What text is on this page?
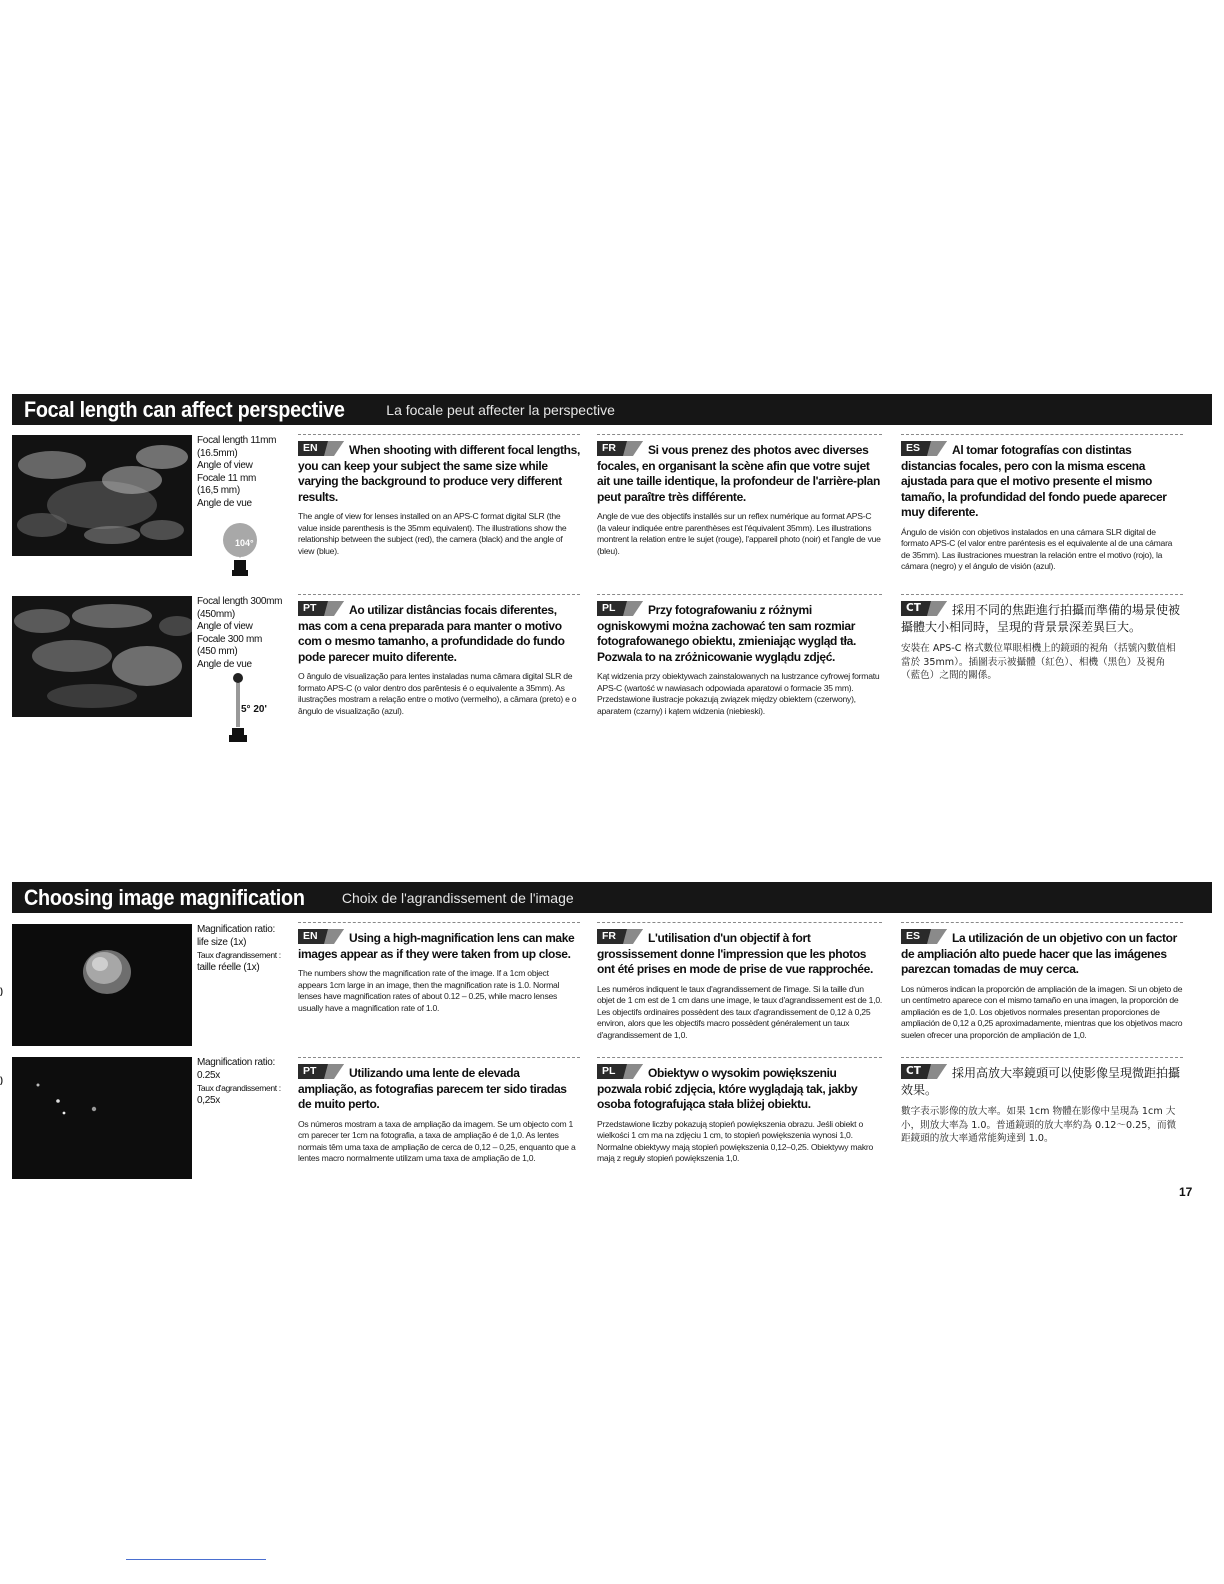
Focal length can affect perspective	La focale peut affecter la perspective
Focal length 11mm
(16.5mm)
Angle of view
Focale 11 mm
(16,5 mm)
Angle de vue
104°
Focal length 300mm
(450mm)
Angle of view
Focale 300 mm
(450 mm)
Angle de vue
5° 20'
EN	When shooting with different focal lengths, you can keep your subject the same size while varying the background to produce very different results.
The angle of view for lenses installed on an APS-C format digital SLR (the value inside parenthesis is the 35mm equivalent). The illustrations show the relationship between the subject (red), the camera (black) and the angle of view (blue).
FR	Si vous prenez des photos avec diverses focales, en organisant la scène afin que votre sujet ait une taille identique, la profondeur de l'arrière-plan peut paraître très différente.
Angle de vue des objectifs installés sur un reflex numérique au format APS-C (la valeur indiquée entre parenthèses est l'équivalent 35mm). Les illustrations montrent la relation entre le sujet (rouge), l'appareil photo (noir) et l'angle de vue (bleu).
ES	Al tomar fotografías con distintas distancias focales, pero con la misma escena ajustada para que el motivo presente el mismo tamaño, la profundidad del fondo puede aparecer muy diferente.
Ángulo de visión con objetivos instalados en una cámara SLR digital de formato APS-C (el valor entre paréntesis es el equivalente al de una cámara de 35mm). Las ilustraciones muestran la relación entre el motivo (rojo), la cámara (negro) y el ángulo de visión (azul).
PT	Ao utilizar distâncias focais diferentes, mas com a cena preparada para manter o motivo com o mesmo tamanho, a profundidade do fundo pode parecer muito diferente.
O ângulo de visualização para lentes instaladas numa câmara digital SLR de formato APS-C (o valor dentro dos parêntesis é o equivalente a 35mm). As ilustrações mostram a relação entre o motivo (vermelho), a câmara (preto) e o ângulo de visualização (azul).
PL	Przy fotografowaniu z różnymi ogniskowymi można zachować ten sam rozmiar fotografowanego obiektu, zmieniając wygląd tła. Pozwala to na zróżnicowanie wyglądu zdjęć.
Kąt widzenia przy obiektywach zainstalowanych na lustrzance cyfrowej formatu APS-C (wartość w nawiasach odpowiada aparatowi o formacie 35 mm). Przedstawione ilustracje pokazują związek między obiektem (czerwony), aparatem (czarny) i kątem widzenia (niebieski).
CT	採用不同的焦距進行拍攝而準備的場景使被攝體大小相同時，呈現的背景景深差異巨大。
安裝在 APS-C 格式數位單眼相機上的鏡頭的視角（括號內數值相當於 35mm）。插圖表示被攝體（紅色）、相機（黑色）及視角（藍色）之間的關係。
Choosing image magnification	Choix de l'agrandissement de l'image
)
)
Magnification ratio:
life size (1x)
Taux d'agrandissement :
taille réelle (1x)
Magnification ratio:
0.25x
Taux d'agrandissement :
0,25x
EN	Using a high-magnification lens can make images appear as if they were taken from up close.
The numbers show the magnification rate of the image. If a 1cm object appears 1cm large in an image, then the magnification rate is 1.0. Normal lenses have magnification rates of about 0.12 – 0.25, while macro lenses usually have a magnification rate of 1.0.
FR	L'utilisation d'un objectif à fort grossissement donne l'impression que les photos ont été prises en mode de prise de vue rapprochée.
Les numéros indiquent le taux d'agrandissement de l'image. Si la taille d'un objet de 1 cm est de 1 cm dans une image, le taux d'agrandissement est de 1,0. Les objectifs ordinaires possèdent des taux d'agrandissement de 0,12 à 0,25 environ, alors que les objectifs macro possèdent généralement un taux d'agrandissement de 1,0.
ES	La utilización de un objetivo con un factor de ampliación alto puede hacer que las imágenes parezcan tomadas de muy cerca.
Los números indican la proporción de ampliación de la imagen. Si un objeto de un centímetro aparece con el mismo tamaño en una imagen, la proporción de ampliación es de 1,0. Los objetivos normales presentan proporciones de ampliación de 0,12 a 0,25 aproximadamente, mientras que los objetivos macro suelen ofrecer una proporción de ampliación de 1,0.
PT	Utilizando uma lente de elevada ampliação, as fotografias parecem ter sido tiradas de muito perto.
Os números mostram a taxa de ampliação da imagem. Se um objecto com 1 cm parecer ter 1cm na fotografia, a taxa de ampliação é de 1,0. As lentes normais têm uma taxa de ampliação de cerca de 0,12 – 0,25, enquanto que a lentes macro normalmente utilizam uma taxa de ampliação de 1,0.
PL	Obiektyw o wysokim powiększeniu pozwala robić zdjęcia, które wyglądają tak, jakby osoba fotografująca stała bliżej obiektu.
Przedstawione liczby pokazują stopień powiększenia obrazu. Jeśli obiekt o wielkości 1 cm ma na zdjęciu 1 cm, to stopień powiększenia wynosi 1,0. Normalne obiektywy mają stopień powiększenia 0,12–0,25. Obiektywy makro mają z reguły stopień powiększenia 1,0.
CT	採用高放大率鏡頭可以使影像呈現微距拍攝效果。
數字表示影像的放大率。如果 1cm 物體在影像中呈現為 1cm 大小，則放大率為 1.0。普通鏡頭的放大率約為 0.12～0.25，而微距鏡頭的放大率通常能夠達到 1.0。
17
